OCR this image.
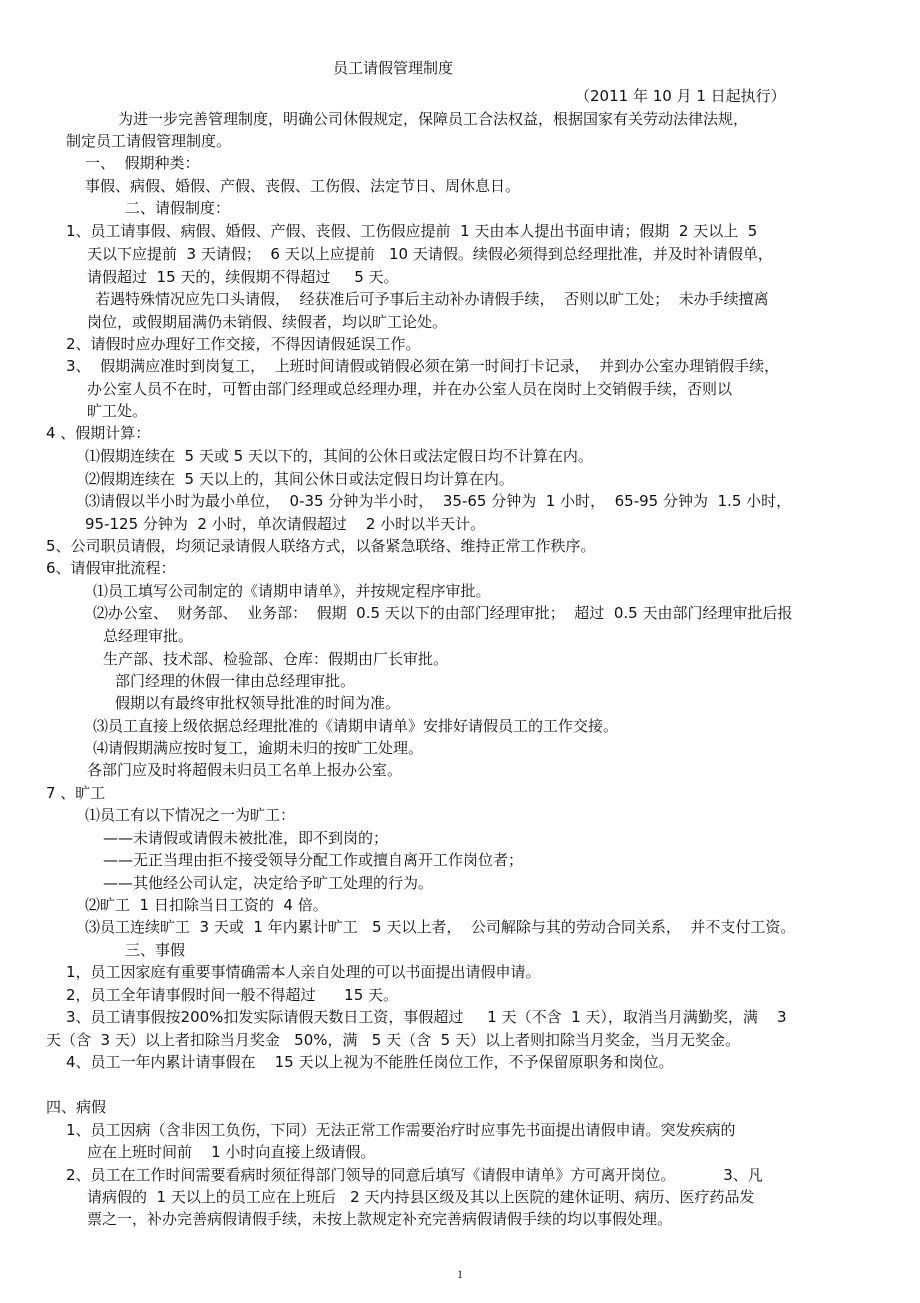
员工请假管理制度
（2011 年 10 月 1 日起执行）
1
为进一步完善管理制度，明确公司休假规定，保障员工合法权益，根据国家有关劳动法律法规，
制定员工请假管理制度。
一、  假期种类：
事假、病假、婚假、产假、丧假、工伤假、法定节日、周休息日。
二、请假制度：
1、员工请事假、病假、婚假、产假、丧假、工伤假应提前  1 天由本人提出书面申请；假期  2 天以上  5
天以下应提前  3 天请假；  6 天以上应提前   10 天请假。续假必须得到总经理批准，并及时补请假单，
请假超过  15 天的，续假期不得超过     5 天。
若遇特殊情况应先口头请假，  经获准后可予事后主动补办请假手续，  否则以旷工处；  未办手续擅离
岗位，或假期届满仍未销假、续假者，均以旷工论处。
2、请假时应办理好工作交接，不得因请假延误工作。
3、  假期满应准时到岗复工，  上班时间请假或销假必须在第一时间打卡记录，  并到办公室办理销假手续，
办公室人员不在时，可暂由部门经理或总经理办理，并在办公室人员在岗时上交销假手续，否则以
旷工处。
4 、假期计算：
⑴假期连续在  5 天或 5 天以下的，其间的公休日或法定假日均不计算在内。
⑵假期连续在  5 天以上的，其间公休日或法定假日均计算在内。
⑶请假以半小时为最小单位，  0-35 分钟为半小时，  35-65 分钟为  1 小时，  65-95 分钟为  1.5 小时，
95-125 分钟为  2 小时，单次请假超过    2 小时以半天计。
5、公司职员请假，均须记录请假人联络方式，以备紧急联络、维持正常工作秩序。
6、请假审批流程：
⑴员工填写公司制定的《请期申请单》，并按规定程序审批。
⑵办公室、  财务部、  业务部：  假期  0.5 天以下的由部门经理审批；  超过  0.5 天由部门经理审批后报
总经理审批。
生产部、技术部、检验部、仓库：假期由厂长审批。
部门经理的休假一律由总经理审批。
假期以有最终审批权领导批准的时间为准。
⑶员工直接上级依据总经理批准的《请期申请单》安排好请假员工的工作交接。
⑷请假期满应按时复工，逾期未归的按旷工处理。
各部门应及时将超假未归员工名单上报办公室。
7 、旷工
⑴员工有以下情况之一为旷工：
——未请假或请假未被批准，即不到岗的；
——无正当理由拒不接受领导分配工作或擅自离开工作岗位者；
——其他经公司认定，决定给予旷工处理的行为。
⑵旷工  1 日扣除当日工资的  4 倍。
⑶员工连续旷工  3 天或  1 年内累计旷工   5 天以上者，  公司解除与其的劳动合同关系，  并不支付工资。
三、事假
1，员工因家庭有重要事情确需本人亲自处理的可以书面提出请假申请。
2，员工全年请事假时间一般不得超过      15 天。
3、员工请事假按200%扣发实际请假天数日工资，事假超过     1 天（不含  1 天），取消当月满勤奖，满    3
天（含  3 天）以上者扣除当月奖金   50%，满   5 天（含  5 天）以上者则扣除当月奖金，当月无奖金。
4、员工一年内累计请事假在    15 天以上视为不能胜任岗位工作，不予保留原职务和岗位。
四、病假
1、员工因病（含非因工负伤，下同）无法正常工作需要治疗时应事先书面提出请假申请。突发疾病的
应在上班时间前    1 小时向直接上级请假。
2、员工在工作时间需要看病时须征得部门领导的同意后填写《请假申请单》方可离开岗位。          3、凡
请病假的  1 天以上的员工应在上班后   2 天内持县区级及其以上医院的建休证明、病历、医疗药品发
票之一，补办完善病假请假手续，未按上款规定补充完善病假请假手续的均以事假处理。
